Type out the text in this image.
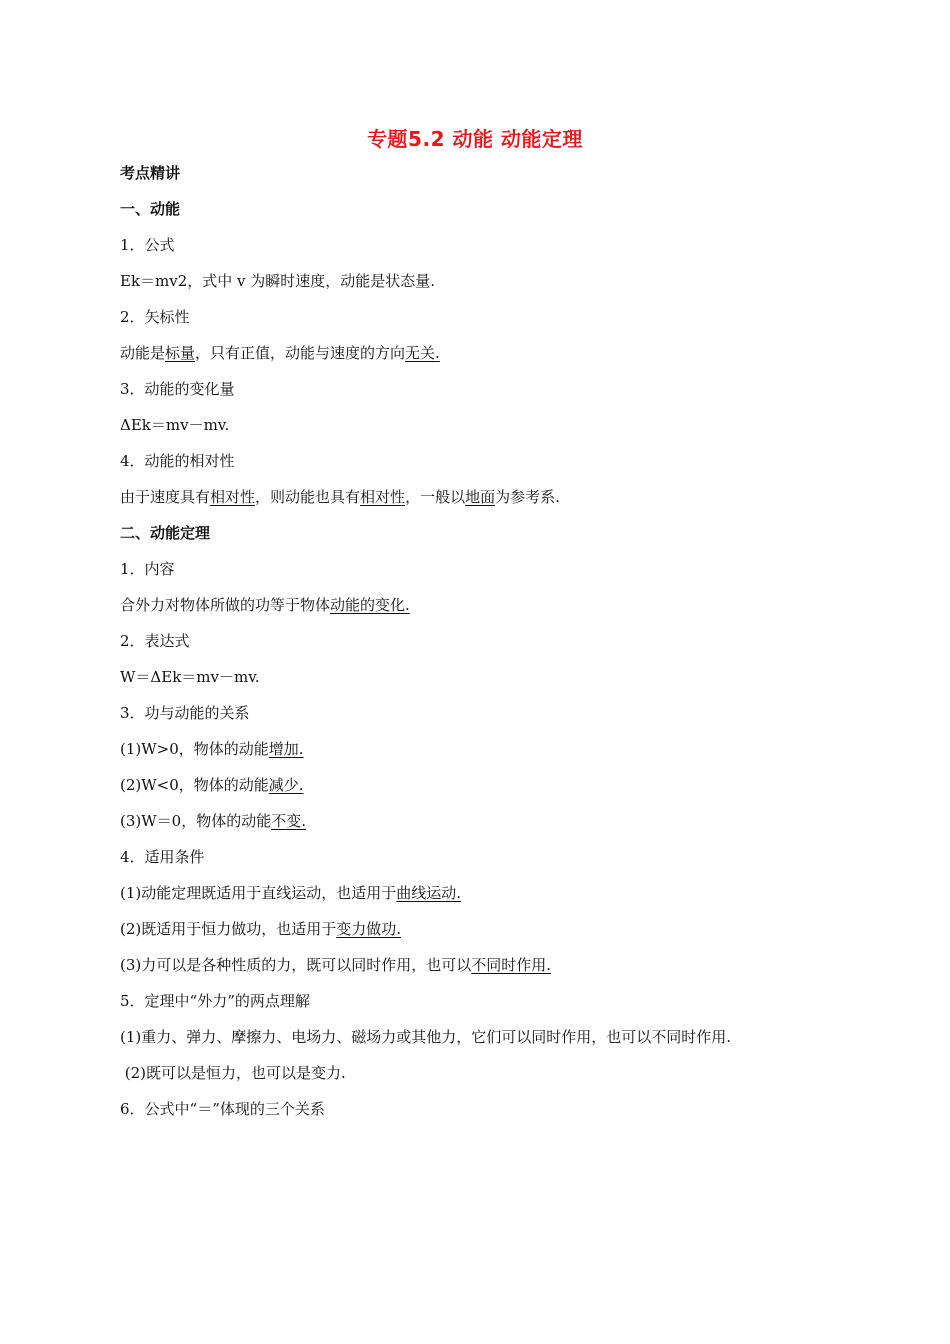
专题5.2 动能 动能定理
考点精讲
一、动能
1．公式
Ek＝mv2，式中 v 为瞬时速度，动能是状态量.
2．矢标性
动能是标量，只有正值，动能与速度的方向无关.
3．动能的变化量
ΔEk＝mv－mv.
4．动能的相对性
由于速度具有相对性，则动能也具有相对性，一般以地面为参考系.
二、动能定理
1．内容
合外力对物体所做的功等于物体动能的变化.
2．表达式
W＝ΔEk＝mv－mv.
3．功与动能的关系
(1)W>0，物体的动能增加.
(2)W<0，物体的动能减少.
(3)W＝0，物体的动能不变.
4．适用条件
(1)动能定理既适用于直线运动，也适用于曲线运动.
(2)既适用于恒力做功，也适用于变力做功.
(3)力可以是各种性质的力，既可以同时作用，也可以不同时作用.
5．定理中“外力”的两点理解
(1)重力、弹力、摩擦力、电场力、磁场力或其他力，它们可以同时作用，也可以不同时作用.
(2)既可以是恒力，也可以是变力.
6．公式中“＝”体现的三个关系
